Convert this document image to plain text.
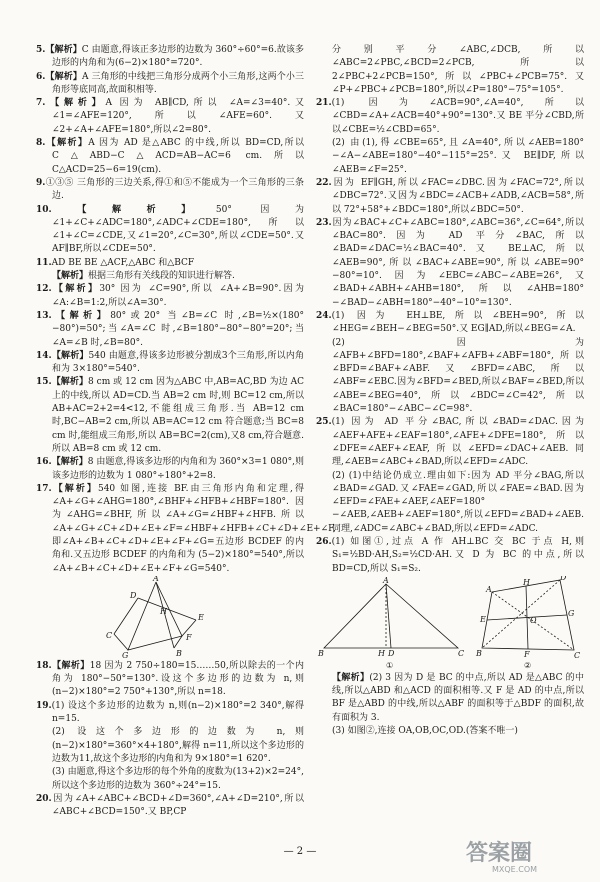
5.【解析】C 由题意,得该正多边形的边数为 360°÷60°=6.故该多边形的内角和为(6−2)×180°=720°.

6.【解析】A 三角形的中线把三角形分成两个小三角形,这两个小三角形等底同高,故面积相等.

7.【解析】A 因为 AB∥CD,所以 ∠A=∠3=40°.又∠1=∠AFE=120°,所以∠AFE=60°.又∠2+∠A+∠AFE=180°,所以∠2=80°.

8.【解析】A 因为 AD 是△ABC 的中线,所以 BD=CD,所以 C△ABD−C△ACD=AB−AC=6 cm.所以 C△ACD=25−6=19(cm).

9.①③⑤ 三角形的三边关系,得①和⑤不能成为一个三角形的三条边.

10.【解析】50° 因为 ∠1+∠C+∠ADC=180°,∠ADC+∠CDE=180°,所以∠1+∠C=∠CDE,又∠1=20°,∠C=30°,所以∠CDE=50°.又 AF∥BF,所以∠CDE=50°.

11.AD BE BE △ACF,△ABC 和△BCF

【解析】根据三角形有关线段的知识进行解答.

12.【解析】30° 因为 ∠C=90°,所以 ∠A+∠B=90°.因为∠A:∠B=1:2,所以∠A=30°.

13.【解析】80°或20° 当∠B=∠C 时,∠B=½×(180°−80°)=50°;当∠A=∠C 时,∠B=180°−80°−80°=20°;当∠A=∠B 时,∠B=80°.

14.【解析】540 由题意,得该多边形被分割成3个三角形,所以内角和为 3×180°=540°.

15.【解析】8 cm 或 12 cm 因为△ABC 中,AB=AC,BD 为边 AC 上的中线,所以 AD=CD.当 AB=2 cm 时,则 BC=12 cm,所以 AB+AC=2+2=4<12,不能组成三角形.当 AB=12 cm 时,BC−AB=2 cm,所以 AB=AC=12 cm 符合题意;当 BC=8 cm 时,能组成三角形,所以 AB=BC=2(cm),又8 cm,符合题意.所以 AB=8 cm 或 12 cm.

16.【解析】8 由题意,得该多边形的内角和为 360°×3=1 080°,则该多边形的边数为 1 080°÷180°+2=8.

17.【解析】540 如图,连接 BF.由三角形内角和定理,得∠A+∠G+∠AHG=180°,∠BHF+∠HFB+∠HBF=180°.因为∠AHG=∠BHF,所以∠A+∠G=∠HBF+∠HFB.所以∠A+∠G+∠C+∠D+∠E+∠F=∠HBF+∠HFB+∠C+∠D+∠E+∠F,即∠A+∠B+∠C+∠D+∠E+∠F+∠G=五边形 BCDEF 的内角和.又五边形 BCDEF 的内角和为 (5−2)×180°=540°,所以∠A+∠B+∠C+∠D+∠E+∠F+∠G=540°.

A
B
C
D
E
F
G
H

18.【解析】18 因为 2 750÷180=15……50,所以除去的一个内角为 180°−50°=130°.设这个多边形的边数为 n,则(n−2)×180°=2 750°+130°,所以 n=18.

19.(1) 设这个多边形的边数为 n,则(n−2)×180°=2 340°,解得 n=15.

(2) 设这个多边形的边数为 n,则(n−2)×180°=360°×4+180°,解得 n=11,所以这个多边形的边数为11,故这个多边形的内角和为 9×180°=1 620°.

(3) 由题意,得这个多边形的每个外角的度数为(13+2)×2=24°,所以这个多边形的边数为 360°÷24°=15.

20.因为∠A+∠ABC+∠BCD+∠D=360°,∠A+∠D=210°,所以∠ABC+∠BCD=150°.又 BP,CP

分别平分∠ABC,∠DCB,所以∠ABC=2∠PBC,∠BCD=2∠PCB,所以 2∠PBC+2∠PCB=150°,所以∠PBC+∠PCB=75°.又∠P+∠PBC+∠PCB=180°,所以∠P=180°−75°=105°.

21.(1) 因为∠ACB=90°,∠A=40°,所以∠CBD=∠A+∠ACB=40°+90°=130°.又 BE 平分∠CBD,所以∠CBE=½∠CBD=65°.

(2) 由(1),得∠CBE=65°,且∠A=40°,所以∠AEB=180°−∠A−∠ABE=180°−40°−115°=25°.又 BE∥DF,所以∠AEB=∠F=25°.

22.因为 EF∥GH,所以∠FAC=∠DBC.因为∠FAC=72°,所以∠DBC=72°.又因为∠BDC=∠ACB+∠ADB,∠ACB=58°,所以 72°+58°+∠BDC=180°,所以∠BDC=50°.

23.因为∠BAC+∠C+∠ABC=180°,∠ABC=36°,∠C=64°,所以∠BAC=80°.因为 AD 平分∠BAC,所以∠BAD=∠DAC=½∠BAC=40°.又 BE⊥AC,所以∠AEB=90°,所以∠BAC+∠ABE=90°,所以∠ABE=90°−80°=10°.因为∠EBC=∠ABC−∠ABE=26°,又∠BAD+∠ABH+∠AHB=180°,所以∠AHB=180°−∠BAD−∠ABH=180°−40°−10°=130°.

24.(1) 因为 EH⊥BE,所以∠BEH=90°,所以∠HEG=∠BEH−∠BEG=50°.又 EG∥AD,所以∠BEG=∠A.

(2) 因为∠AFB+∠BFD=180°,∠BAF+∠AFB+∠ABF=180°,所以∠BFD=∠BAF+∠ABF.又∠BFD=∠ABC,所以∠ABF=∠EBC.因为∠BFD=∠BED,所以∠BAF=∠BED,所以 ∠ABE=∠BEG=40°,所以∠BDC=∠C=42°,所以∠BAC=180°−∠ABC−∠C=98°.

25.(1) 因为 AD 平分∠BAC,所以∠BAD=∠DAC.因为∠AEF+AFE+∠EAF=180°,∠AFE+∠DFE=180°,所以∠DFE=∠AEF+∠EAF,所以∠EFD=∠DAC+∠AEB.同理,∠AEB=∠ABC+∠BAD,所以∠EFD=∠ADC.

(2) (1)中结论仍成立.理由如下:因为 AD 平分∠BAG,所以∠BAD=∠GAD.又∠FAE=∠GAD,所以∠FAE=∠BAD.因为∠EFD=∠FAE+∠AEF,∠AEF=180°−∠AEB,∠AEB+∠AEF=180°,所以∠EFD=∠BAD+∠AEB.同理,∠ADC=∠ABC+∠BAD,所以∠EFD=∠ADC.

26.(1) 如图①,过点 A 作 AH⊥BC 交 BC 于点 H,则 S₁=½BD·AH,S₂=½CD·AH.又 D 为 BC 的中点,所以 BD=CD,所以 S₁=S₂.

A
B	D
H	C
A
B	C
D
E
F
G
H
O
①	②

【解析】(2) 3 因为 D 是 BC 的中点,所以 AD 是△ABC 的中线,所以△ABD 和△ACD 的面积相等.又 F 是 AD 的中点,所以 BF 是△ABD 的中线,所以△ABF 的面积等于△BDF 的面积,故有面积为 3.

(3) 如图②,连接 OA,OB,OC,OD.(答案不唯一)

— 2 —	答案圈
MXQE.COM
